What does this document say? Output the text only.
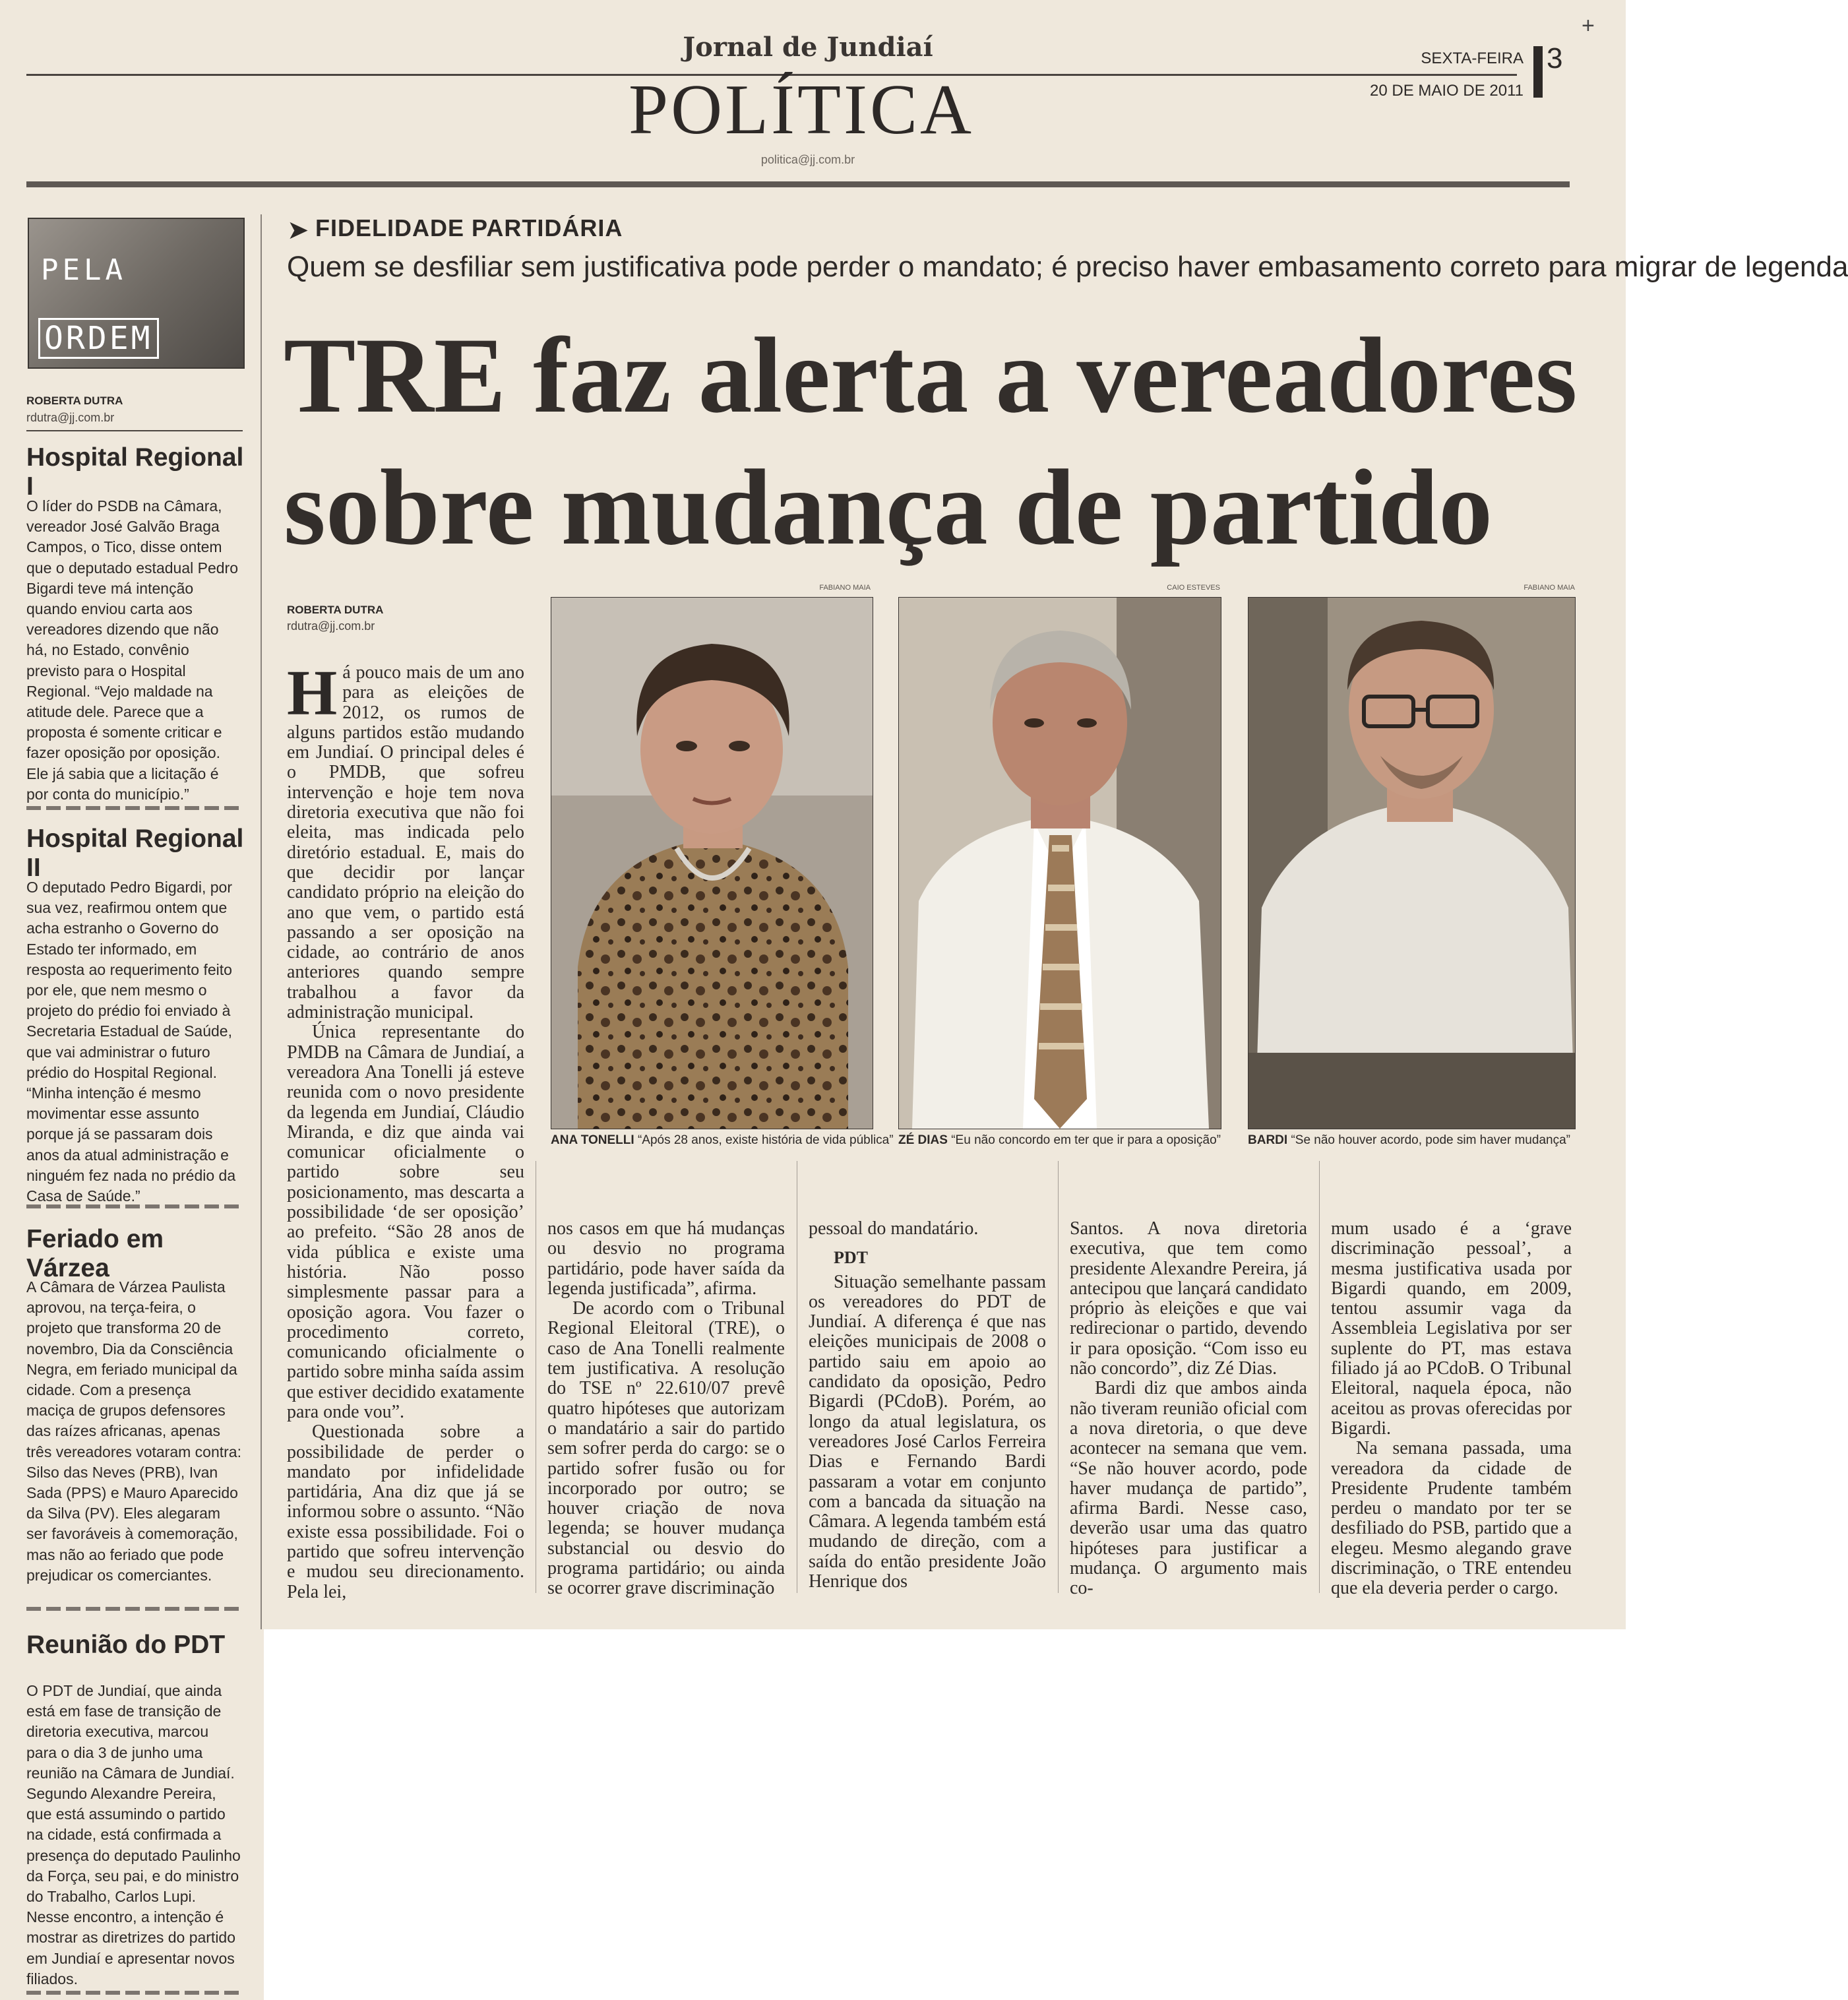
+
Jornal de Jundiaí
POLÍTICA
politica@jj.com.br
SEXTA-FEIRA
20 DE MAIO DE 2011
3
PELA
ORDEM
ROBERTA DUTRA
rdutra@jj.com.br
Hospital Regional I
O líder do PSDB na Câmara, vereador José Galvão Braga Campos, o Tico, disse ontem que o deputado estadual Pedro Bigardi teve má intenção quando enviou carta aos vereadores dizendo que não há, no Estado, convênio previsto para o Hospital Regional. “Vejo maldade na atitude dele. Parece que a proposta é somente criticar e fazer oposição por oposição. Ele já sabia que a licitação é por conta do município.”
Hospital Regional II
O deputado Pedro Bigardi, por sua vez, reafirmou ontem que acha estranho o Governo do Estado ter informado, em resposta ao requerimento feito por ele, que nem mesmo o projeto do prédio foi enviado à Secretaria Estadual de Saúde, que vai administrar o futuro prédio do Hospital Regional. “Minha intenção é mesmo movimentar esse assunto porque já se passaram dois anos da atual administração e ninguém fez nada no prédio da Casa de Saúde.”
Feriado em Várzea
A Câmara de Várzea Paulista aprovou, na terça-feira, o projeto que transforma 20 de novembro, Dia da Consciência Negra, em feriado municipal da cidade. Com a presença maciça de grupos defensores das raízes africanas, apenas três vereadores votaram contra: Silso das Neves (PRB), Ivan Sada (PPS) e Mauro Aparecido da Silva (PV). Eles alegaram ser favoráveis à comemoração, mas não ao feriado que pode prejudicar os comerciantes.
➤ FIDELIDADE PARTIDÁRIA
Quem se desfiliar sem justificativa pode perder o mandato; é preciso haver embasamento correto para migrar de legenda
TRE faz alerta a vereadores
sobre mudança de partido
ROBERTA DUTRA
rdutra@jj.com.br
FABIANO MAIA
ANA TONELLI “Após 28 anos, existe história de vida pública”
CAIO ESTEVES
ZÉ DIAS “Eu não concordo em ter que ir para a oposição”
FABIANO MAIA
BARDI “Se não houver acordo, pode sim haver mudança”

Há pouco mais de um ano para as eleições de 2012, os rumos de alguns partidos estão mudando em Jundiaí. O principal deles é o PMDB, que sofreu intervenção e hoje tem nova diretoria executiva que não foi eleita, mas indicada pelo diretório estadual. E, mais do que decidir por lançar candidato próprio na eleição do ano que vem, o partido está passando a ser oposição na cidade, ao contrário de anos anteriores quando sempre trabalhou a favor da administração municipal.

Única representante do PMDB na Câmara de Jundiaí, a vereadora Ana Tonelli já esteve reunida com o novo presidente da legenda em Jundiaí, Cláudio Miranda, e diz que ainda vai comunicar oficialmente o partido sobre seu posicionamento, mas descarta a possibilidade ‘de ser oposição’ ao prefeito. “São 28 anos de vida pública e existe uma história. Não posso simplesmente passar para a oposição agora. Vou fazer o procedimento correto, comunicando oficialmente o partido sobre minha saída assim que estiver decidido exatamente para onde vou”.

Questionada sobre a possibilidade de perder o mandato por infidelidade partidária, Ana diz que já se informou sobre o assunto. “Não existe essa possibilidade. Foi o partido que sofreu intervenção e mudou seu direcionamento. Pela lei,

nos casos em que há mudanças ou desvio no programa partidário, pode haver saída da legenda justificada”, afirma.

De acordo com o Tribunal Regional Eleitoral (TRE), o caso de Ana Tonelli realmente tem justificativa. A resolução do TSE nº 22.610/07 prevê quatro hipóteses que autorizam o mandatário a sair do partido sem sofrer perda do cargo: se o partido sofrer fusão ou for incorporado por outro; se houver criação de nova legenda; se houver mudança substancial ou desvio do programa partidário; ou ainda se ocorrer grave discriminação

pessoal do mandatário.

PDT

Situação semelhante passam os vereadores do PDT de Jundiaí. A diferença é que nas eleições municipais de 2008 o partido saiu em apoio ao candidato da oposição, Pedro Bigardi (PCdoB). Porém, ao longo da atual legislatura, os vereadores José Carlos Ferreira Dias e Fernando Bardi passaram a votar em conjunto com a bancada da situação na Câmara. A legenda também está mudando de direção, com a saída do então presidente João Henrique dos

Santos. A nova diretoria executiva, que tem como presidente Alexandre Pereira, já antecipou que lançará candidato próprio às eleições e que vai redirecionar o partido, devendo ir para oposição. “Com isso eu não concordo”, diz Zé Dias.

Bardi diz que ambos ainda não tiveram reunião oficial com a nova diretoria, o que deve acontecer na semana que vem. “Se não houver acordo, pode haver mudança de partido”, afirma Bardi. Nesse caso, deverão usar uma das quatro hipóteses para justificar a mudança. O argumento mais co-

mum usado é a ‘grave discriminação pessoal’, a mesma justificativa usada por Bigardi quando, em 2009, tentou assumir vaga da Assembleia Legislativa por ser suplente do PT, mas estava filiado já ao PCdoB. O Tribunal Eleitoral, naquela época, não aceitou as provas oferecidas por Bigardi.

Na semana passada, uma vereadora da cidade de Presidente Prudente também perdeu o mandato por ter se desfiliado do PSB, partido que a elegeu. Mesmo alegando grave discriminação, o TRE entendeu que ela deveria perder o cargo.

Reunião do PDT
O PDT de Jundiaí, que ainda está em fase de transição de diretoria executiva, marcou para o dia 3 de junho uma reunião na Câmara de Jundiaí. Segundo Alexandre Pereira, que está assumindo o partido na cidade, está confirmada a presença do deputado Paulinho da Força, seu pai, e do ministro do Trabalho, Carlos Lupi. Nesse encontro, a intenção é mostrar as diretrizes do partido em Jundiaí e apresentar novos filiados.
